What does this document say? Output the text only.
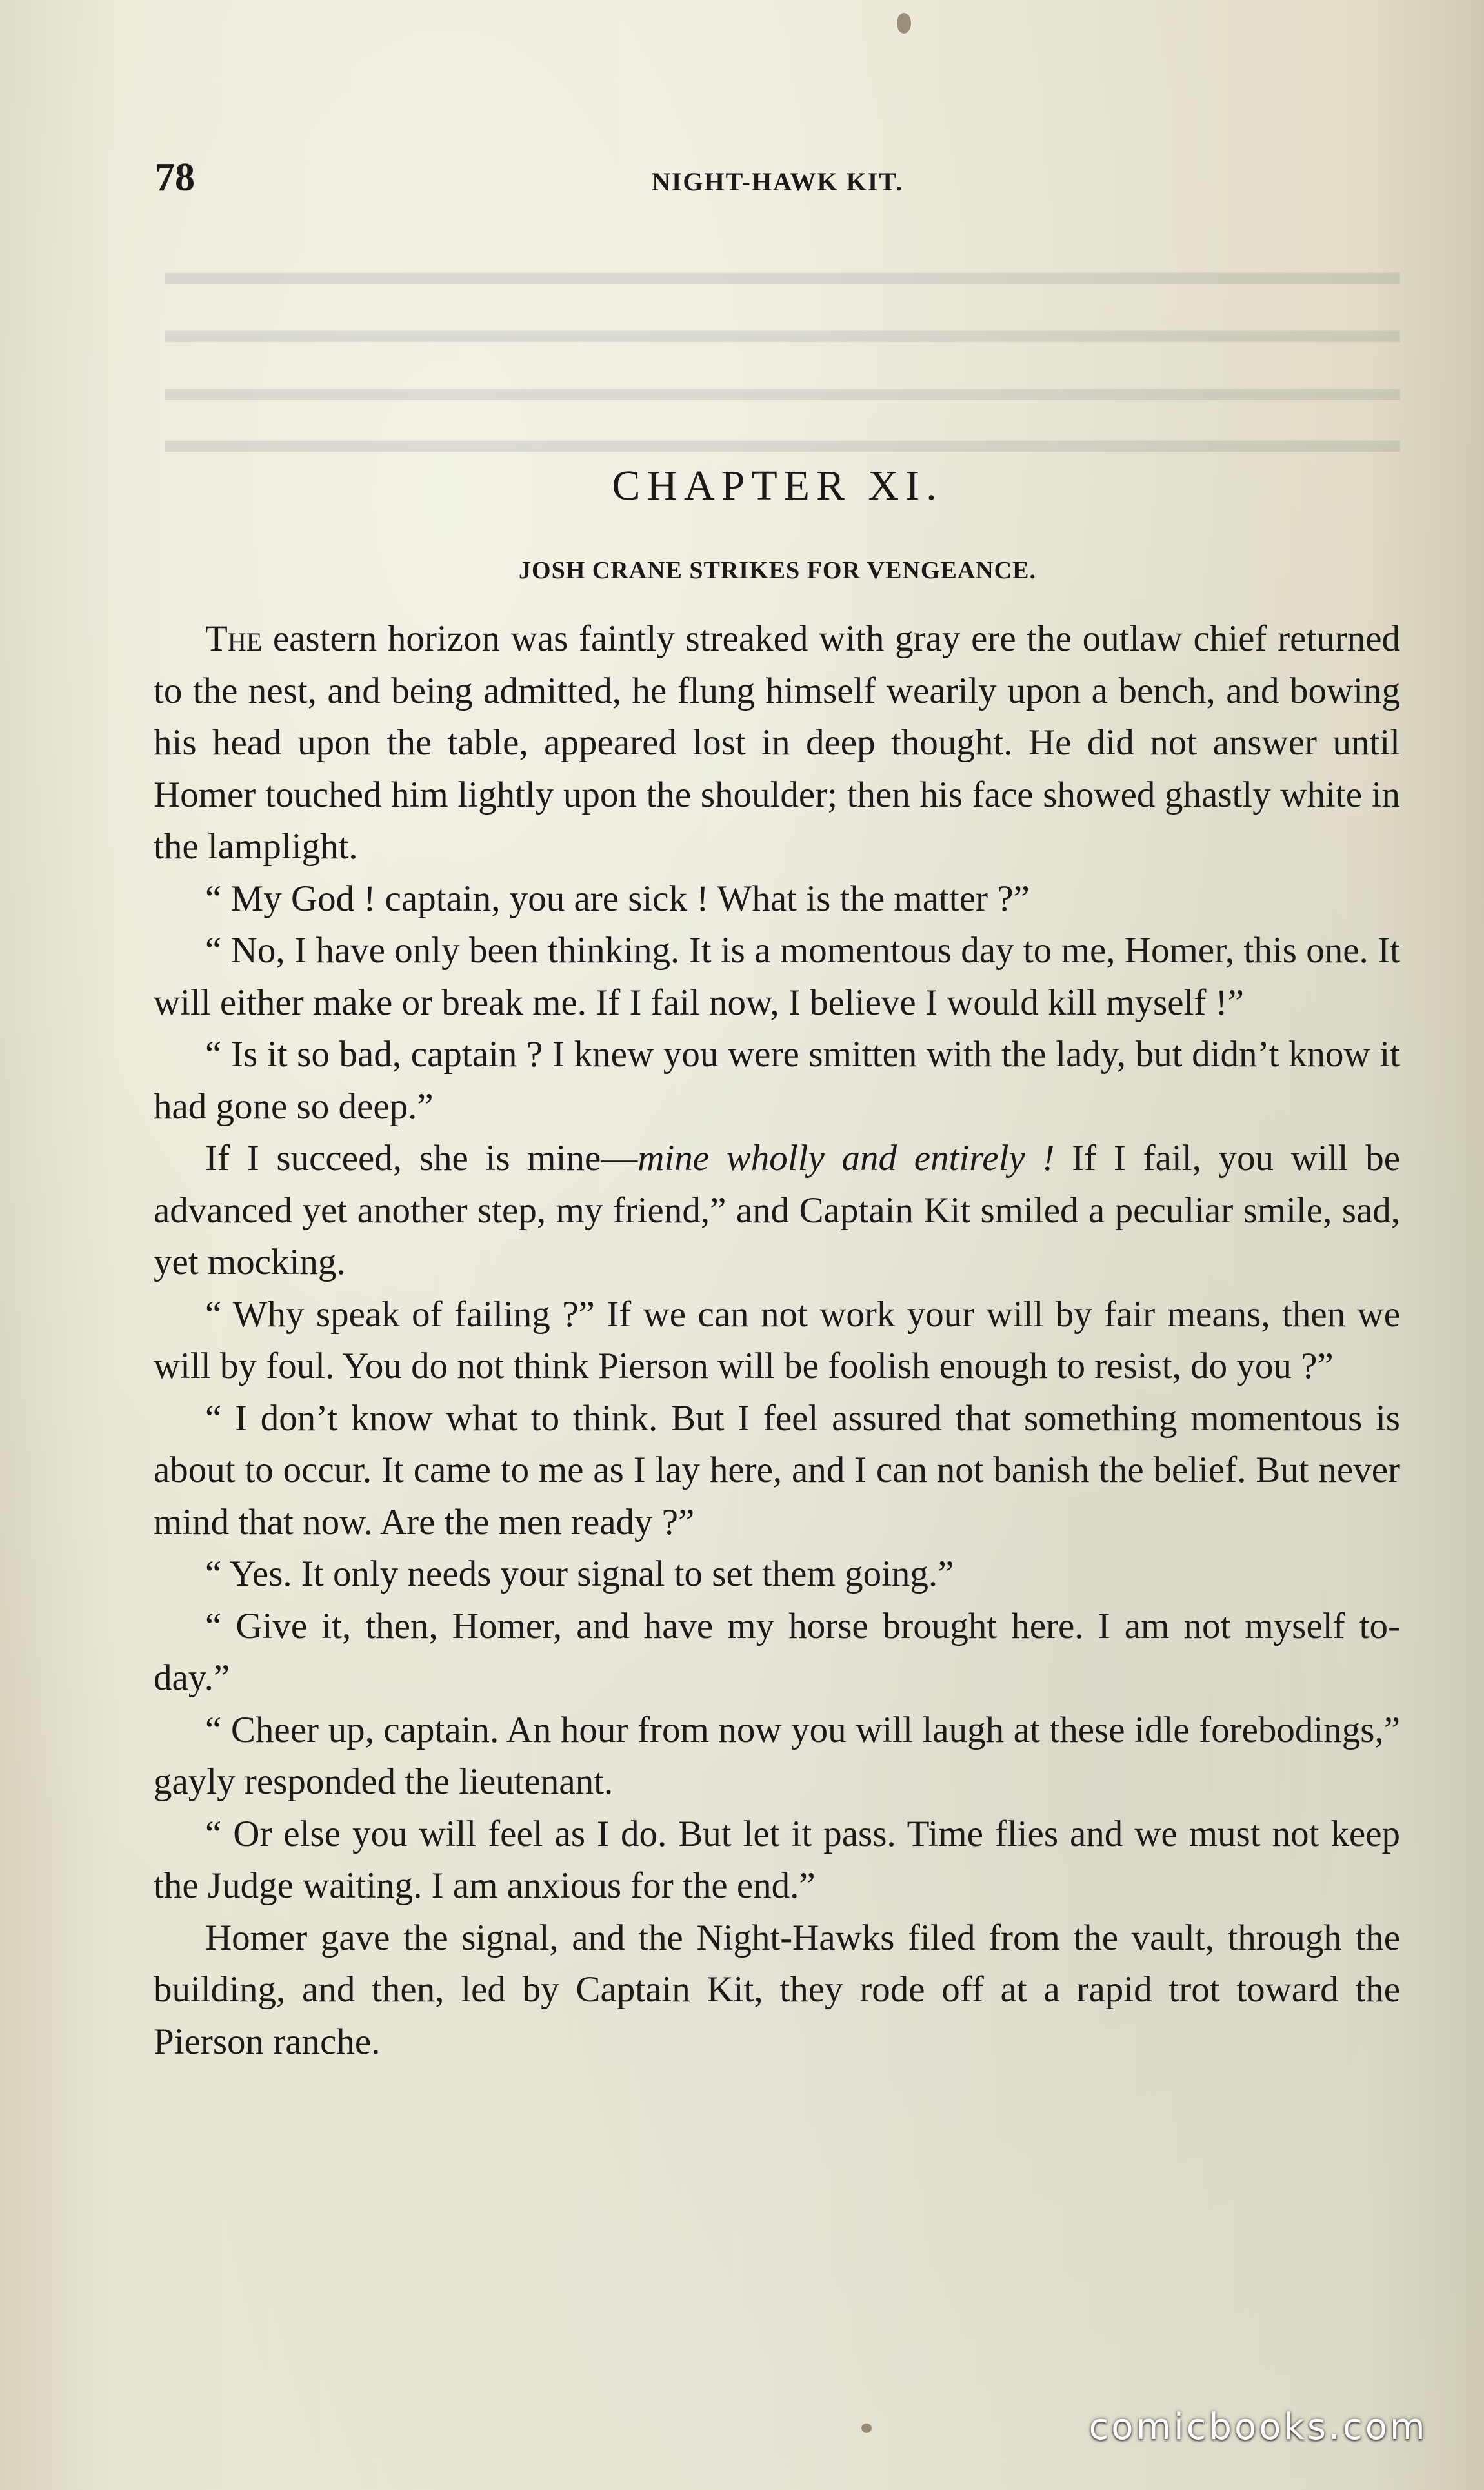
▬▬▬▬▬▬▬▬▬▬▬▬▬▬▬▬▬▬▬▬▬▬▬▬▬▬▬▬▬▬▬▬▬
▬▬▬▬▬▬▬▬▬▬▬▬▬▬▬▬▬▬▬▬▬▬▬▬▬▬▬▬▬▬▬▬▬
▬▬▬▬▬▬▬▬▬▬▬▬▬▬▬▬▬▬▬▬▬▬▬▬▬▬▬▬▬▬▬▬▬
▬▬▬▬▬▬▬▬▬▬▬▬▬▬▬▬▬▬▬▬▬▬▬▬▬▬▬▬▬▬▬▬▬
78	NIGHT-HAWK KIT.
CHAPTER XI.
JOSH CRANE STRIKES FOR VENGEANCE.

The eastern horizon was faintly streaked with gray ere the outlaw chief returned to the nest, and being admitted, he flung himself wearily upon a bench, and bowing his head upon the table, appeared lost in deep thought. He did not answer until Homer touched him lightly upon the shoulder; then his face showed ghastly white in the lamplight.

“ My God ! captain, you are sick ! What is the matter ?”

“ No, I have only been thinking. It is a momentous day to me, Homer, this one. It will either make or break me. If I fail now, I believe I would kill myself !”

“ Is it so bad, captain ? I knew you were smitten with the lady, but didn’t know it had gone so deep.”

If I succeed, she is mine—mine wholly and entirely ! If I fail, you will be advanced yet another step, my friend,” and Captain Kit smiled a peculiar smile, sad, yet mocking.

“ Why speak of failing ?” If we can not work your will by fair means, then we will by foul. You do not think Pierson will be foolish enough to resist, do you ?”

“ I don’t know what to think. But I feel assured that something momentous is about to occur. It came to me as I lay here, and I can not banish the belief. But never mind that now. Are the men ready ?”

“ Yes. It only needs your signal to set them going.”

“ Give it, then, Homer, and have my horse brought here. I am not myself to-day.”

“ Cheer up, captain. An hour from now you will laugh at these idle forebodings,” gayly responded the lieutenant.

“ Or else you will feel as I do. But let it pass. Time flies and we must not keep the Judge waiting. I am anxious for the end.”

Homer gave the signal, and the Night-Hawks filed from the vault, through the building, and then, led by Captain Kit, they rode off at a rapid trot toward the Pierson ranche.

comicbooks.com
